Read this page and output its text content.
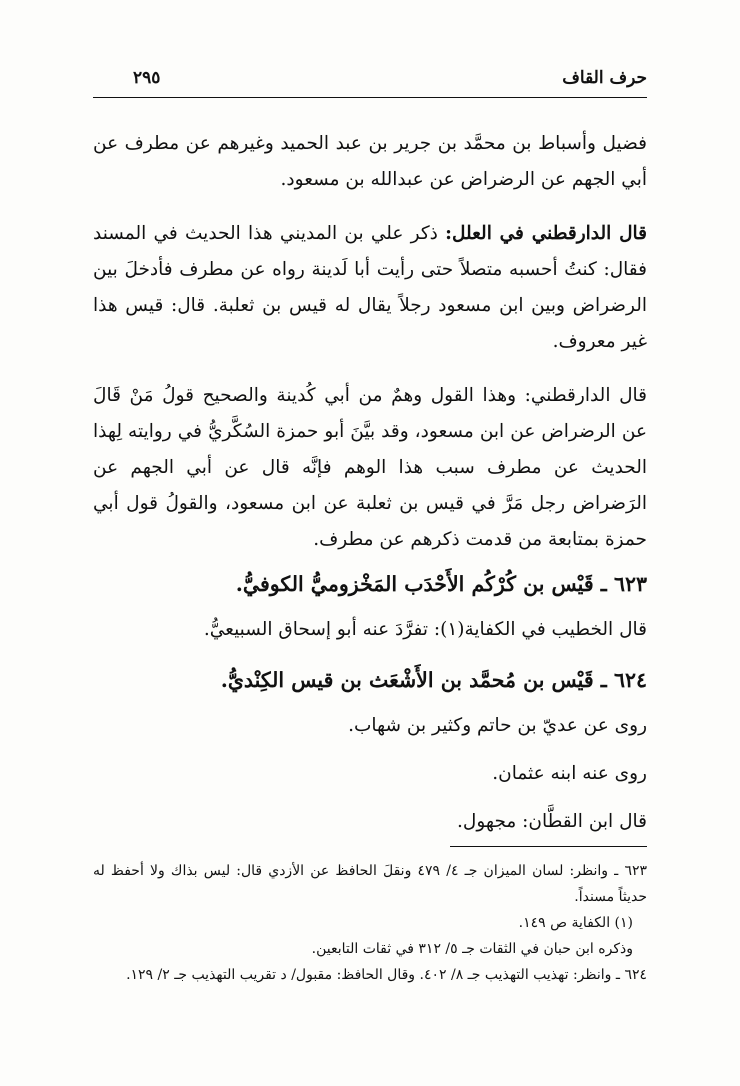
حرف القاف
٢٩٥

فضيل وأسباط بن محمَّد بن جرير بن عبد الحميد وغيرهم عن مطرف عن أبي الجهم عن الرضراض عن عبدالله بن مسعود.

قال الدارقطني في العلل: ذكر علي بن المديني هذا الحديث في المسند فقال: كنتُ أحسبه متصلاً حتى رأيت أبا لَدينة رواه عن مطرف فأدخلَ بين الرضراض وبين ابن مسعود رجلاً يقال له قيس بن ثعلبة. قال: قيس هذا غير معروف.

قال الدارقطني: وهذا القول وهمٌ من أبي كُدينة والصحيح قولُ مَنْ قَالَ عن الرضراض عن ابن مسعود، وقد بيَّنَ أبو حمزة السُكَّريُّ في روايته لِهذا الحديث عن مطرف سبب هذا الوهم فإنَّه قال عن أبي الجهم عن الرَضراض رجل مَرَّ في قيس بن ثعلبة عن ابن مسعود، والقولُ قول أبي حمزة بمتابعة من قدمت ذكرهم عن مطرف.

٦٢٣ ـ قَيْس بن كُرْكُم الأَحْدَب المَخْزوميُّ الكوفيُّ.

قال الخطيب في الكفاية(١): تفرَّدَ عنه أبو إسحاق السبيعيُّ.

٦٢٤ ـ قَيْس بن مُحمَّد بن الأَشْعَث بن قيس الكِنْديُّ.

روى عن عديّ بن حاتم وكثير بن شهاب.

روى عنه ابنه عثمان.

قال ابن القطَّان: مجهول.

٦٢٣ ـ وانظر: لسان الميزان جـ ٤/ ٤٧٩ ونقلَ الحافظ عن الأزدي قال: ليس بذاك ولا أحفظ له حديثاً مسنداً.

(١) الكفاية ص ١٤٩.

وذكره ابن حبان في الثقات جـ ٥/ ٣١٢ في ثقات التابعين.

٦٢٤ ـ وانظر: تهذيب التهذيب جـ ٨/ ٤٠٢. وقال الحافظ: مقبول/ د تقريب التهذيب جـ ٢/ ١٢٩.
